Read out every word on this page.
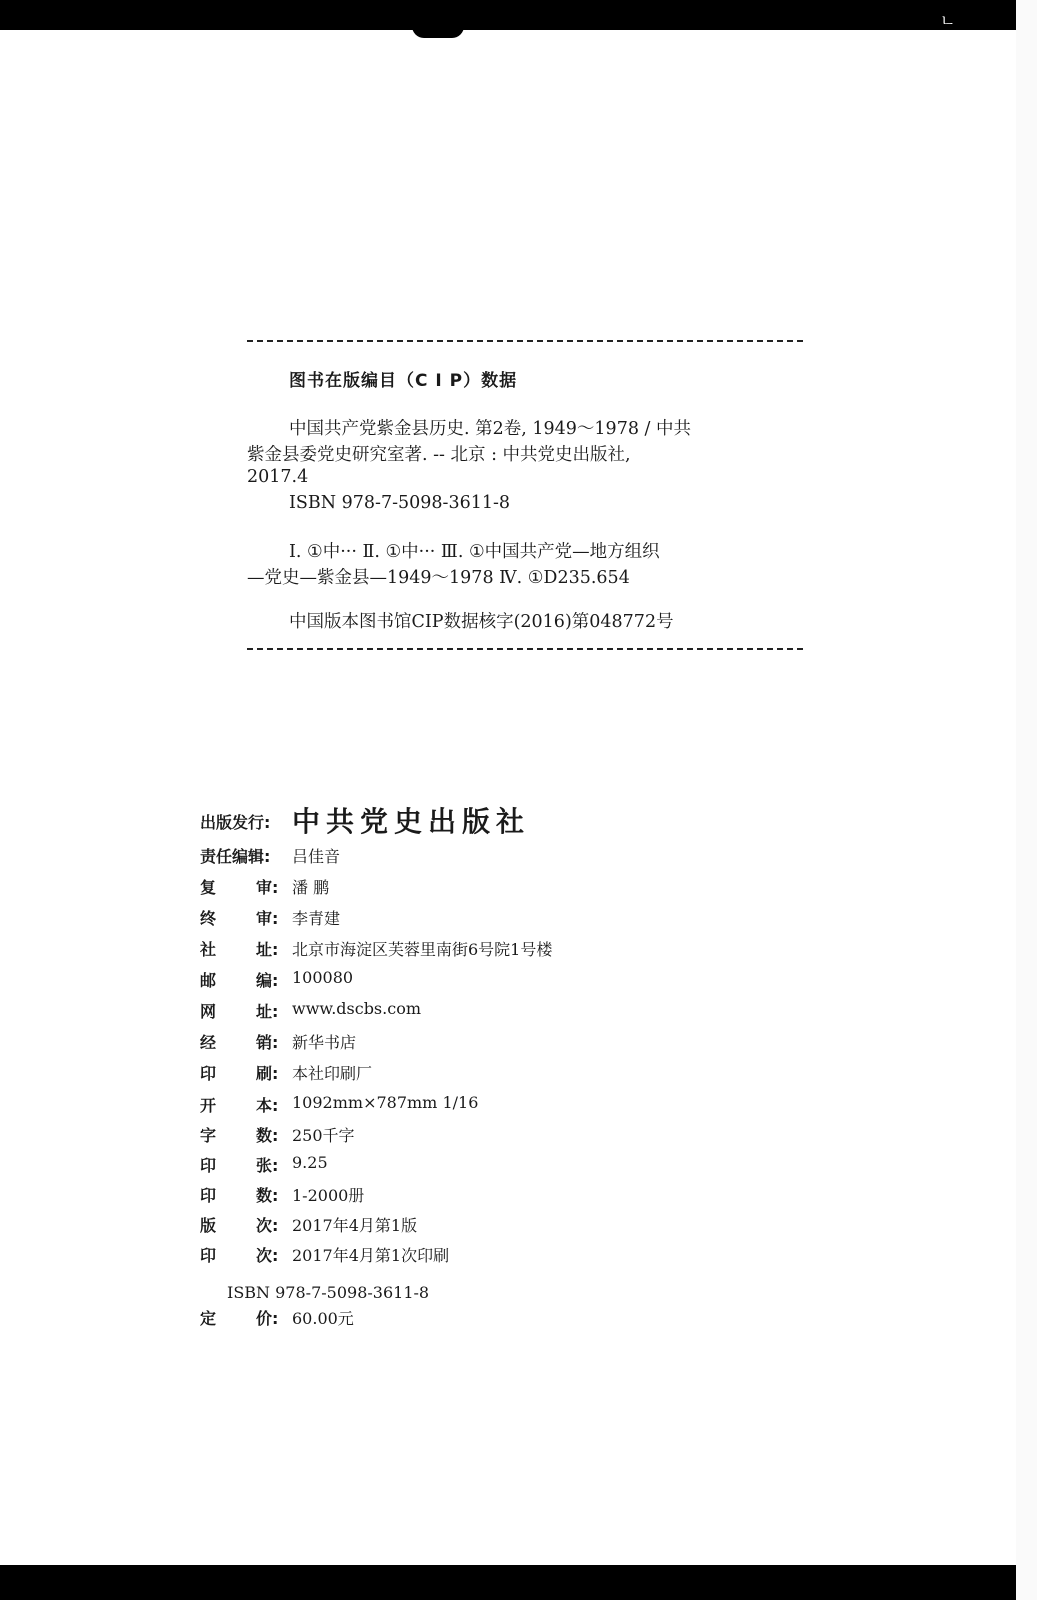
ㄴ
图书在版编目（C I P）数据
中国共产党紫金县历史. 第2卷, 1949～1978 / 中共
紫金县委党史研究室著. -- 北京 : 中共党史出版社,
2017.4
ISBN 978-7-5098-3611-8
Ⅰ. ①中··· Ⅱ. ①中··· Ⅲ. ①中国共产党—地方组织
—党史—紫金县—1949～1978 Ⅳ. ①D235.654
中国版本图书馆CIP数据核字(2016)第048772号
出版发行: 中共党史出版社
责任编辑: 吕佳音
复 审: 潘 鹏
终 审: 李青建
社 址: 北京市海淀区芙蓉里南街6号院1号楼
邮 编: 100080
网 址: www.dscbs.com
经 销: 新华书店
印 刷: 本社印刷厂
开 本: 1092mm×787mm 1/16
字 数: 250千字
印 张: 9.25
印 数: 1-2000册
版 次: 2017年4月第1版
印 次: 2017年4月第1次印刷
定 价: 60.00元
ISBN 978-7-5098-3611-8
